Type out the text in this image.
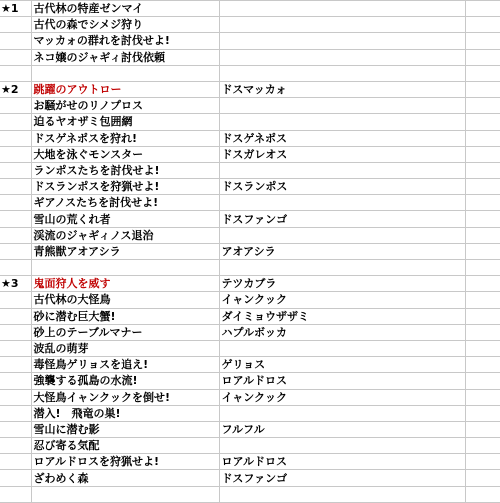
★1	古代林の特産ゼンマイ		
	古代の森でシメジ狩り		
	マッカォの群れを討伐せよ!		
	ネコ嬢のジャギィ討伐依頼		

★2	跳躍のアウトロー	ドスマッカォ	
	お騒がせのリノプロス		
	迫るヤオザミ包囲網		
	ドスゲネポスを狩れ!	ドスゲネポス	
	大地を泳ぐモンスター	ドスガレオス	
	ランポスたちを討伐せよ!		
	ドスランポスを狩猟せよ!	ドスランポス	
	ギアノスたちを討伐せよ!		
	雪山の荒くれ者	ドスファンゴ	
	渓流のジャギィノス退治		
	青熊獣アオアシラ	アオアシラ	

★3	鬼面狩人を威す	テツカブラ	
	古代林の大怪鳥	イャンクック	
	砂に潜む巨大蟹!	ダイミョウザザミ	
	砂上のテーブルマナー	ハプルボッカ	
	波乱の萌芽		
	毒怪鳥ゲリョスを追え!	ゲリョス	
	強襲する孤島の水流!	ロアルドロス	
	大怪鳥イャンクックを倒せ!	イャンクック	
	潜入!　飛竜の巣!		
	雪山に潜む影	フルフル	
	忍び寄る気配		
	ロアルドロスを狩猟せよ!	ロアルドロス	
	ざわめく森	ドスファンゴ	
